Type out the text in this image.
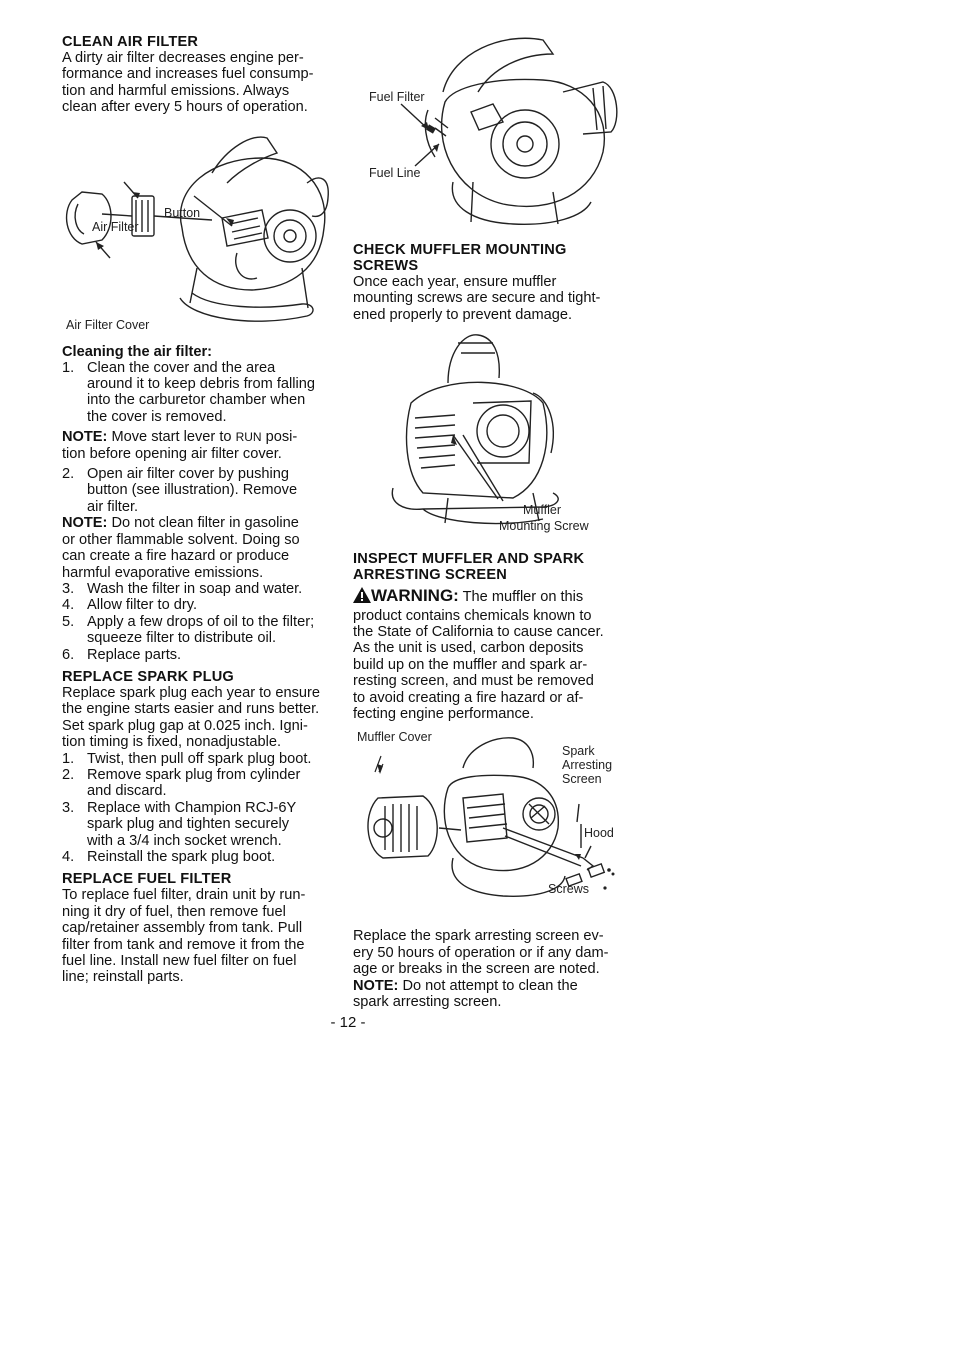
CLEAN AIR FILTER

A dirty air filter decreases engine per-
formance and increases fuel consump-
tion and harmful emissions. Always
clean after every 5 hours of operation.

Button
Air Filter
Air Filter Cover
Cleaning the air filter:
1. Clean the cover and the area
around it to keep debris from falling
into the carburetor chamber when
the cover is removed.

NOTE: Move start lever to RUN posi-
tion before opening air filter cover.

2. Open air filter cover by pushing
button (see illustration). Remove
air filter.

NOTE: Do not clean filter in gasoline
or other flammable solvent. Doing so
can create a fire hazard or produce
harmful evaporative emissions.

3. Wash the filter in soap and water.
4. Allow filter to dry.
5. Apply a few drops of oil to the filter;
squeeze filter to distribute oil.
6. Replace parts.
REPLACE SPARK PLUG

Replace spark plug each year to ensure
the engine starts easier and runs better.
Set spark plug gap at 0.025 inch. Igni-
tion timing is fixed, nonadjustable.

1. Twist, then pull off spark plug boot.
2. Remove spark plug from cylinder
and discard.
3. Replace with Champion RCJ-6Y
spark plug and tighten securely
with a 3/4 inch socket wrench.
4. Reinstall the spark plug boot.
REPLACE FUEL FILTER

To replace fuel filter, drain unit by run-
ning it dry of fuel, then remove fuel
cap/retainer assembly from tank. Pull
filter from tank and remove it from the
fuel line. Install new fuel filter on fuel
line; reinstall parts.

Fuel Filter
Fuel Line
CHECK MUFFLER MOUNTING
SCREWS

Once each year, ensure muffler
mounting screws are secure and tight-
ened properly to prevent damage.

Muffler
Mounting Screw
INSPECT MUFFLER AND SPARK
ARRESTING SCREEN

WARNING: The muffler on this
product contains chemicals known to
the State of California to cause cancer.
As the unit is used, carbon deposits
build up on the muffler and spark ar-
resting screen, and must be removed
to avoid creating a fire hazard or af-
fecting engine performance.

Muffler Cover
Spark
Arresting
Screen
Hood
Screws

Replace the spark arresting screen ev-
ery 50 hours of operation or if any dam-
age or breaks in the screen are noted.
NOTE: Do not attempt to clean the
spark arresting screen.

- 12 -
